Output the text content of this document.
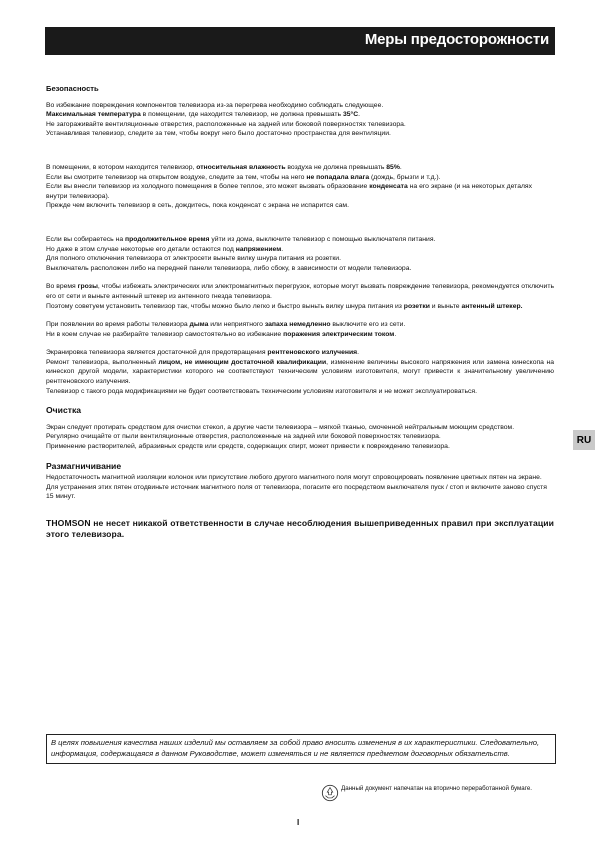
Меры предосторожности
RU
Безопасность

Во избежание повреждения компонентов телевизора из-за перегрева необходимо соблюдать следующее.
Максимальная температура в помещении, где находится телевизор, не должна превышать 35°C.
Не загораживайте вентиляционные отверстия, расположенные на задней или боковой поверхностях телевизора.
Устанавливая телевизор, следите за тем, чтобы вокруг него было достаточно пространства для вентиляции.

В помещении, в котором находится телевизор, относительная влажность воздуха не должна превышать 85%.
Если вы смотрите телевизор на открытом воздухе, следите за тем, чтобы на него не попадала влага (дождь, брызги и т.д.).
Если вы внесли телевизор из холодного помещения в более теплое, это может вызвать образование конденсата на его экране (и на некоторых деталях внутри телевизора).
Прежде чем включить телевизор в сеть, дождитесь, пока конденсат с экрана не испарится сам.

Если вы собираетесь на продолжительное время уйти из дома, выключите телевизор с помощью выключателя питания.
Но даже в этом случае некоторые его детали остаются под напряжением.
Для полного отключения телевизора от электросети выньте вилку шнура питания из розетки.
Выключатель расположен либо на передней панели телевизора, либо сбоку, в зависимости от модели телевизора.

Во время грозы, чтобы избежать электрических или электромагнитных перегрузок, которые могут вызвать повреждение телевизора, рекомендуется отключить его от сети и выньте антенный штекер из антенного гнезда телевизора.
Поэтому советуем установить телевизор так, чтобы можно было легко и быстро выньть вилку шнура питания из розетки и выньте антенный штекер.

При появлении во время работы телевизора дыма или неприятного запаха немедленно выключите его из сети.
Ни в коем случае не разбирайте телевизор самостоятельно во избежание поражения электрическим током.

Экранировка телевизора является достаточной для предотвращения рентгеновского излучения.
Ремонт телевизора, выполненный лицом, не имеющим достаточной квалификации, изменение величины высокого напряжения или замена кинескопа на кинескоп другой модели, характеристики которого не соответствуют техническим условиям изготовителя, могут привести к значительному увеличению рентгеновского излучения.
Телевизор с такого рода модификациями не будет соответствовать техническим условиям изготовителя и не может эксплуатироваться.

Очистка

Экран следует протирать средством для очистки стекол, а другие части телевизора – мягкой тканью, смоченной нейтральным моющим средством.
Регулярно очищайте от пыли вентиляционные отверстия, расположенные на задней или боковой поверхностях телевизора.
Применение растворителей, абразивных средств или средств, содержащих спирт, может привести к повреждению телевизора.

Размагничивание

Недостаточность магнитной изоляции колонок или присутствие любого другого магнитного поля могут спровоцировать появление цветных пятен на экране.
Для устранения этих пятен отодвиньте источник магнитного поля от телевизора, погасите его посредством выключателя пуск / стоп и включите заново спустя 15 минут.

THOMSON не несет никакой ответственности в случае несоблюдения вышеприведенных правил при эксплуатации этого телевизора.

В целях повышения качества наших изделий мы оставляем за собой право вносить изменения в их характеристики. Следовательно, информация, содержащаяся в данном Руководстве, может изменяться и не является предметом договорных обязательств.
Данный документ напечатан на вторично переработанной бумаге.
I
